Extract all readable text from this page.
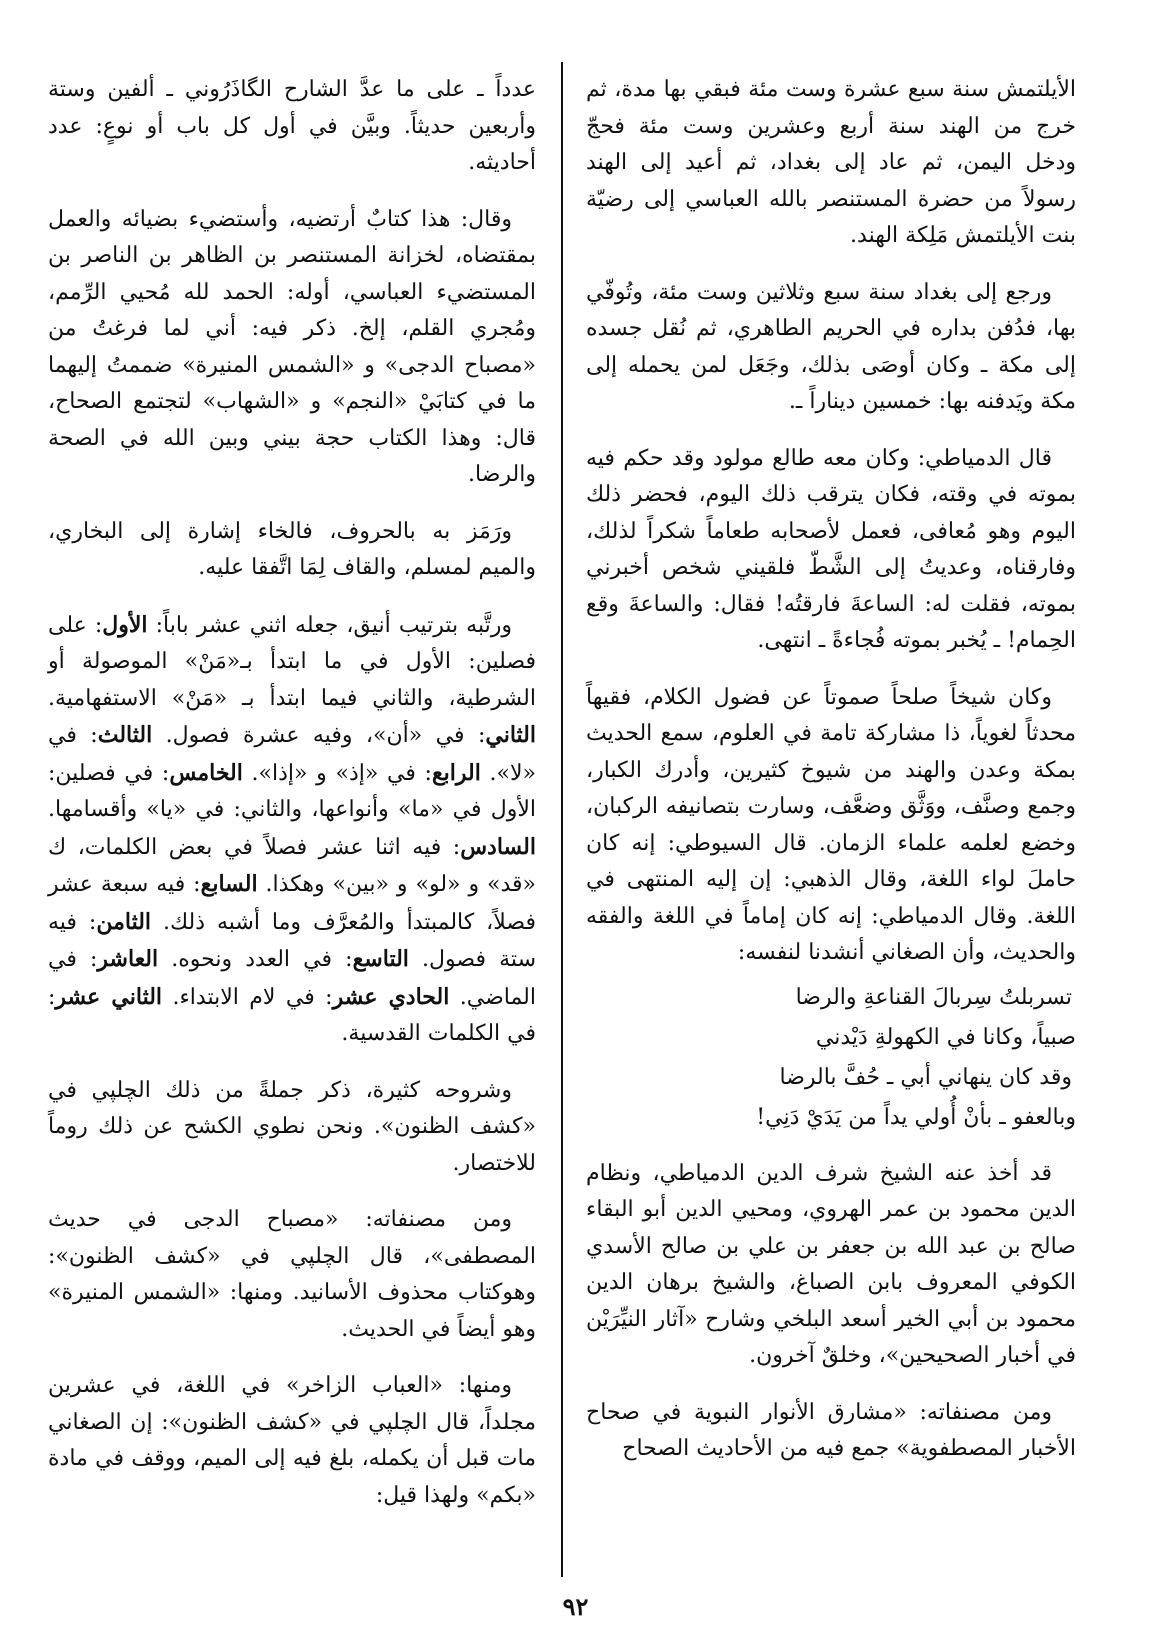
الأيلتمش سنة سبع عشرة وست مئة فبقي بها مدة، ثم خرج من الهند سنة أربع وعشرين وست مئة فحجّ ودخل اليمن، ثم عاد إلى بغداد، ثم أعيد إلى الهند رسولاً من حضرة المستنصر بالله العباسي إلى رضيّة بنت الأيلتمش مَلِكة الهند.

ورجع إلى بغداد سنة سبع وثلاثين وست مئة، وتُوفّي بها، فدُفن بداره في الحريم الطاهري، ثم نُقل جسده إلى مكة ـ وكان أوصَى بذلك، وجَعَل لمن يحمله إلى مكة ويَدفنه بها: خمسين ديناراً ـ.

قال الدمياطي: وكان معه طالع مولود وقد حكم فيه بموته في وقته، فكان يترقب ذلك اليوم، فحضر ذلك اليوم وهو مُعافى، فعمل لأصحابه طعاماً شكراً لذلك، وفارقناه، وعديتُ إلى الشَّطّ فلقيني شخص أخبرني بموته، فقلت له: الساعةَ فارقتُه! فقال: والساعةَ وقع الحِمام! ـ يُخبر بموته فُجاءةً ـ انتهى.

وكان شيخاً صلحاً صموتاً عن فضول الكلام، فقيهاً محدثاً لغوياً، ذا مشاركة تامة في العلوم، سمع الحديث بمكة وعدن والهند من شيوخ كثيرين، وأدرك الكبار، وجمع وصنَّف، ووَثَّق وضعَّف، وسارت بتصانيفه الركبان، وخضع لعلمه علماء الزمان. قال السيوطي: إنه كان حاملَ لواء اللغة، وقال الذهبي: إن إليه المنتهى في اللغة. وقال الدمياطي: إنه كان إماماً في اللغة والفقه والحديث، وأن الصغاني أنشدنا لنفسه:

تسربلتُ سِربالَ القناعةِ والرضا
صبياً، وكانا في الكهولةِ دَيْدني
وقد كان ينهاني أبي ـ حُفَّ بالرضا
وبالعفو ـ بأنْ أُولي يداً من يَدَيْ دَنِي!

قد أخذ عنه الشيخ شرف الدين الدمياطي، ونظام الدين محمود بن عمر الهروي، ومحيي الدين أبو البقاء صالح بن عبد الله بن جعفر بن علي بن صالح الأسدي الكوفي المعروف بابن الصباغ، والشيخ برهان الدين محمود بن أبي الخير أسعد البلخي وشارح «آثار النيِّرَيْن في أخبار الصحيحين»، وخلقٌ آخرون.

ومن مصنفاته: «مشارق الأنوار النبوية في صحاح الأخبار المصطفوية» جمع فيه من الأحاديث الصحاح

عدداً ـ على ما عدَّ الشارح الگاذَرُوني ـ ألفين وستة وأربعين حديثاً. وبيَّن في أول كل باب أو نوعٍ: عدد أحاديثه.

وقال: هذا كتابٌ أرتضيه، وأستضيء بضيائه والعمل بمقتضاه، لخزانة المستنصر بن الظاهر بن الناصر بن المستضيء العباسي، أوله: الحمد لله مُحيي الرِّمم، ومُجري القلم، إلخ. ذكر فيه: أني لما فرغتُ من «مصباح الدجى» و «الشمس المنيرة» ضممتُ إليهما ما في كتابَيْ «النجم» و «الشهاب» لتجتمع الصحاح، قال: وهذا الكتاب حجة بيني وبين الله في الصحة والرضا.

ورَمَز به بالحروف، فالخاء إشارة إلى البخاري، والميم لمسلم، والقاف لِمَا اتَّفقا عليه.

ورتَّبه بترتيب أنيق، جعله اثني عشر باباً: الأول: على فصلين: الأول في ما ابتدأ بـ«مَنْ» الموصولة أو الشرطية، والثاني فيما ابتدأ بـ «مَنْ» الاستفهامية. الثاني: في «أن»، وفيه عشرة فصول. الثالث: في «لا». الرابع: في «إذ» و «إذا». الخامس: في فصلين: الأول في «ما» وأنواعها، والثاني: في «يا» وأقسامها. السادس: فيه اثنا عشر فصلاً في بعض الكلمات، ك «قد» و «لو» و «بين» وهكذا. السابع: فيه سبعة عشر فصلاً، كالمبتدأ والمُعرَّف وما أشبه ذلك. الثامن: فيه ستة فصول. التاسع: في العدد ونحوه. العاشر: في الماضي. الحادي عشر: في لام الابتداء. الثاني عشر: في الكلمات القدسية.

وشروحه كثيرة، ذكر جملةً من ذلك الچلپي في «كشف الظنون». ونحن نطوي الكشح عن ذلك روماً للاختصار.

ومن مصنفاته: «مصباح الدجى في حديث المصطفى»، قال الچلپي في «كشف الظنون»: وهوكتاب محذوف الأسانيد. ومنها: «الشمس المنيرة» وهو أيضاً في الحديث.

ومنها: «العباب الزاخر» في اللغة، في عشرين مجلداً، قال الچلپي في «كشف الظنون»: إن الصغاني مات قبل أن يكمله، بلغ فيه إلى الميم، ووقف في مادة «بكم» ولهذا قيل:

٩٢
